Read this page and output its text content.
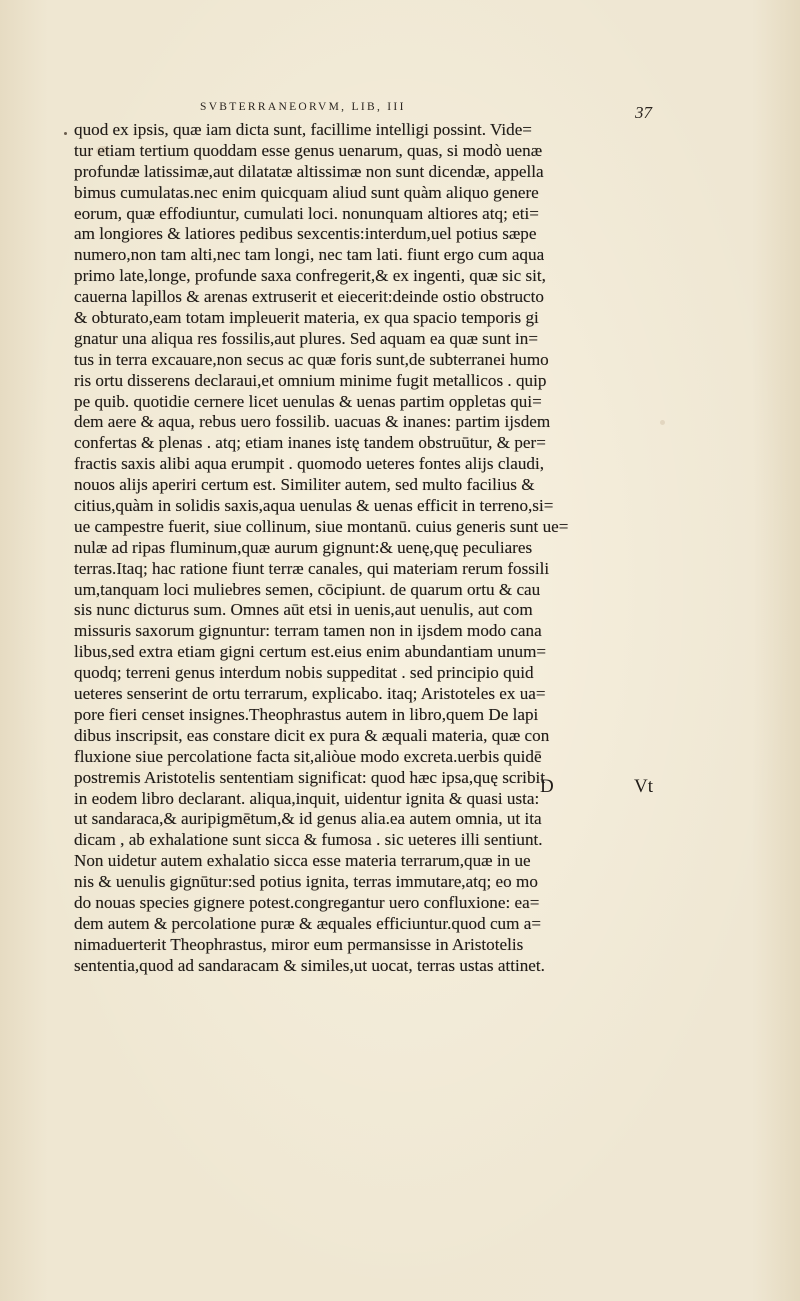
SVBTERRANEORVM, LIB, III	37
quod ex ipsis, quæ iam dicta sunt, facillime intelligi possint. Vide=
tur etiam tertium quoddam esse genus uenarum, quas, si modò uenæ
profundæ latissimæ,aut dilatatæ altissimæ non sunt dicendæ, appella
bimus cumulatas.nec enim quicquam aliud sunt quàm aliquo genere
eorum, quæ effodiuntur, cumulati loci. nonunquam altiores atq; eti=
am longiores & latiores pedibus sexcentis:interdum,uel potius sæpe
numero,non tam alti,nec tam longi, nec tam lati. fiunt ergo cum aqua
primo late,longe, profunde saxa confregerit,& ex ingenti, quæ sic sit,
cauerna lapillos & arenas extruserit et eiecerit:deinde ostio obstructo
& obturato,eam totam impleuerit materia, ex qua spacio temporis gi
gnatur una aliqua res fossilis,aut plures. Sed aquam ea quæ sunt in=
tus in terra excauare,non secus ac quæ foris sunt,de subterranei humo
ris ortu disserens declaraui,et omnium minime fugit metallicos . quip
pe quib. quotidie cernere licet uenulas & uenas partim oppletas qui=
dem aere & aqua, rebus uero fossilib. uacuas & inanes: partim ijsdem
confertas & plenas . atq; etiam inanes istę tandem obstruūtur, & per=
fractis saxis alibi aqua erumpit . quomodo ueteres fontes alijs claudi,
nouos alijs aperiri certum est. Similiter autem, sed multo facilius &
citius,quàm in solidis saxis,aqua uenulas & uenas efficit in terreno,si=
ue campestre fuerit, siue collinum, siue montanū. cuius generis sunt ue=
nulæ ad ripas fluminum,quæ aurum gignunt:& uenę,quę peculiares
terras.Itaq; hac ratione fiunt terræ canales, qui materiam rerum fossili
um,tanquam loci muliebres semen, cōcipiunt. de quarum ortu & cau
sis nunc dicturus sum. Omnes aūt etsi in uenis,aut uenulis, aut com
missuris saxorum gignuntur: terram tamen non in ijsdem modo cana
libus,sed extra etiam gigni certum est.eius enim abundantiam unum=
quodq; terreni genus interdum nobis suppeditat . sed principio quid
ueteres senserint de ortu terrarum, explicabo. itaq; Aristoteles ex ua=
pore fieri censet insignes.Theophrastus autem in libro,quem De lapi
dibus inscripsit, eas constare dicit ex pura & æquali materia, quæ con
fluxione siue percolatione facta sit,aliòue modo excreta.uerbis quidē
postremis Aristotelis sententiam significat: quod hæc ipsa,quę scribit
in eodem libro declarant. aliqua,inquit, uidentur ignita & quasi usta:
ut sandaraca,& auripigmētum,& id genus alia.ea autem omnia, ut ita
dicam , ab exhalatione sunt sicca & fumosa . sic ueteres illi sentiunt.
Non uidetur autem exhalatio sicca esse materia terrarum,quæ in ue
nis & uenulis gignūtur:sed potius ignita, terras immutare,atq; eo mo
do nouas species gignere potest.congregantur uero confluxione: ea=
dem autem & percolatione puræ & æquales efficiuntur.quod cum a=
nimaduerterit Theophrastus, miror eum permansisse in Aristotelis
sententia,quod ad sandaracam & similes,ut uocat, terras ustas attinet.
D	Vt
